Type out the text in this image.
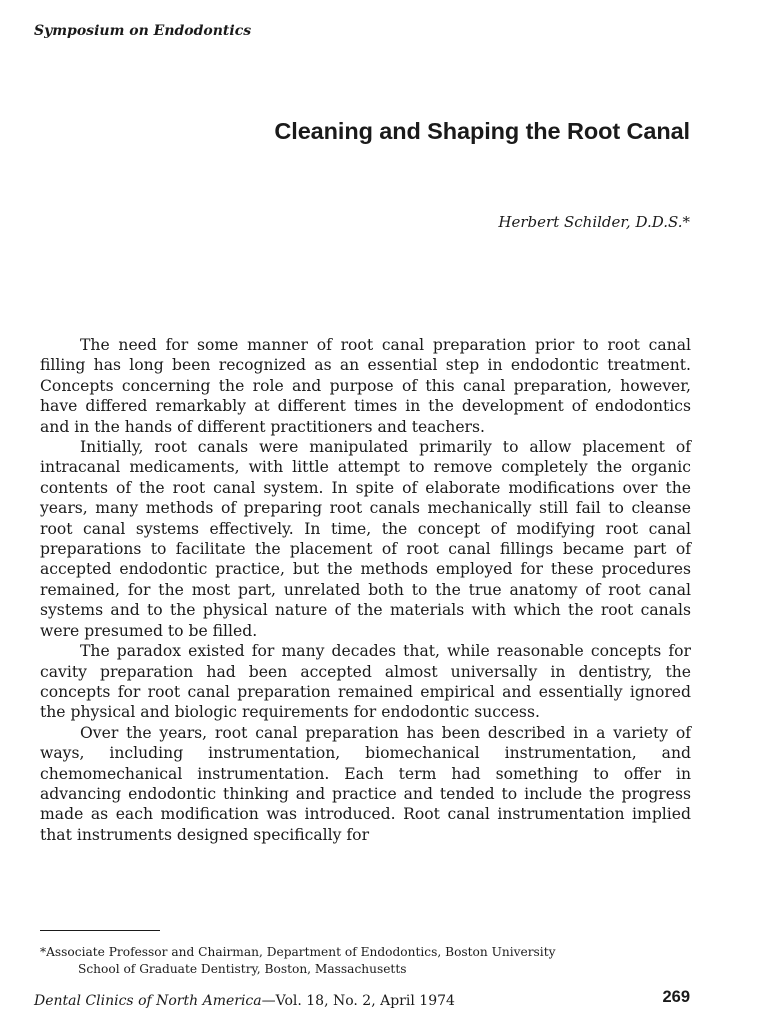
Symposium on Endodontics
Cleaning and Shaping the Root Canal
Herbert Schilder, D.D.S.*

The need for some manner of root canal preparation prior to root canal filling has long been recognized as an essential step in endodontic treatment. Concepts concerning the role and purpose of this canal preparation, however, have differed remarkably at different times in the development of endodontics and in the hands of different practitioners and teachers.

Initially, root canals were manipulated primarily to allow placement of intracanal medicaments, with little attempt to remove completely the organic contents of the root canal system. In spite of elaborate modifications over the years, many methods of preparing root canals mechanically still fail to cleanse root canal systems effectively. In time, the concept of modifying root canal preparations to facilitate the placement of root canal fillings became part of accepted endodontic practice, but the methods employed for these procedures remained, for the most part, unrelated both to the true anatomy of root canal systems and to the physical nature of the materials with which the root canals were presumed to be filled.

The paradox existed for many decades that, while reasonable concepts for cavity preparation had been accepted almost universally in dentistry, the concepts for root canal preparation remained empirical and essentially ignored the physical and biologic requirements for endodontic success.

Over the years, root canal preparation has been described in a variety of ways, including instrumentation, biomechanical instrumentation, and chemomechanical instrumentation. Each term had something to offer in advancing endodontic thinking and practice and tended to include the progress made as each modification was introduced. Root canal instrumentation implied that instruments designed specifically for

*Associate Professor and Chairman, Department of Endodontics, Boston University
School of Graduate Dentistry, Boston, Massachusetts
Dental Clinics of North America—Vol. 18, No. 2, April 1974	269
